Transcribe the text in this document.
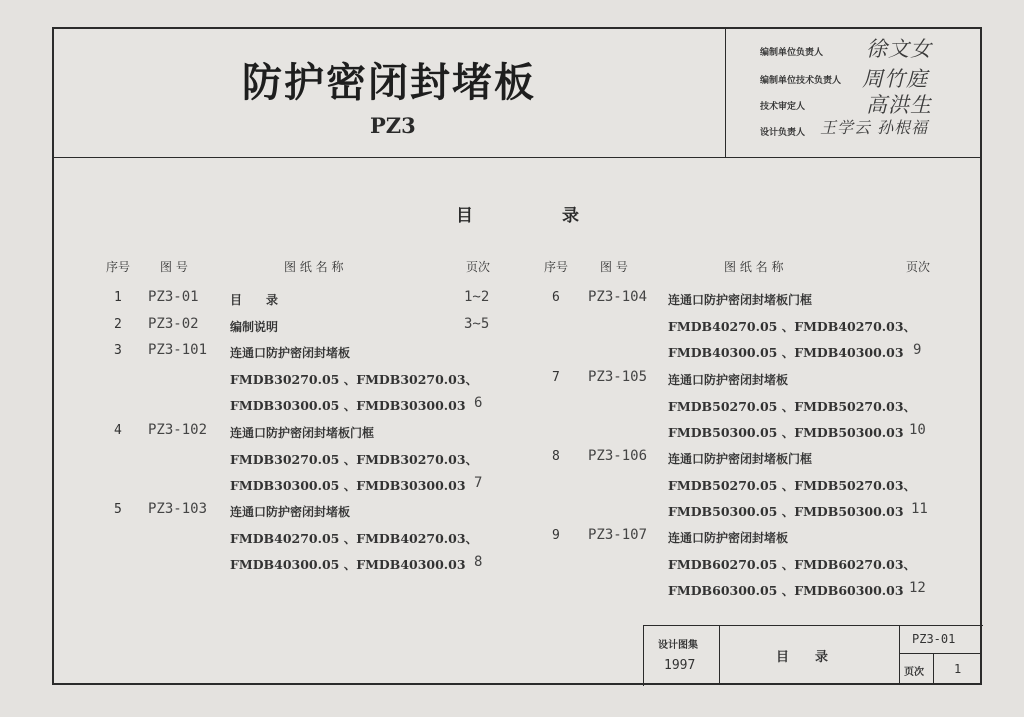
防护密闭封堵板
PZ3
编制单位负责人 徐文女
编制单位技术负责人 周竹庭
技术审定人	高洪生
设计负责人 王学云 孙根福
目	录
序号 图 号	图 纸 名 称	页次	序号	图 号	图 纸 名 称	页次
1 PZ3-01	目　　录	1~2
2 PZ3-02	编制说明	3~5
3 PZ3-101 连通口防护密闭封堵板
FMDB30270.05 、FMDB30270.03、
FMDB30300.05 、FMDB30300.03 6
4 PZ3-102 连通口防护密闭封堵板门框
FMDB30270.05 、FMDB30270.03、
FMDB30300.05 、FMDB30300.03 7
5 PZ3-103 连通口防护密闭封堵板
FMDB40270.05 、FMDB40270.03、
FMDB40300.05 、FMDB40300.03 8
6 PZ3-104 连通口防护密闭封堵板门框
FMDB40270.05 、FMDB40270.03、
FMDB40300.05 、FMDB40300.03 9
7 PZ3-105 连通口防护密闭封堵板
FMDB50270.05 、FMDB50270.03、
FMDB50300.05 、FMDB50300.03 10
8 PZ3-106 连通口防护密闭封堵板门框
FMDB50270.05 、FMDB50270.03、
FMDB50300.05 、FMDB50300.03 11
9 PZ3-107 连通口防护密闭封堵板
FMDB60270.05 、FMDB60270.03、
FMDB60300.05 、FMDB60300.03 12
设计图集
1997
目　　录
PZ3-01
页次	1
